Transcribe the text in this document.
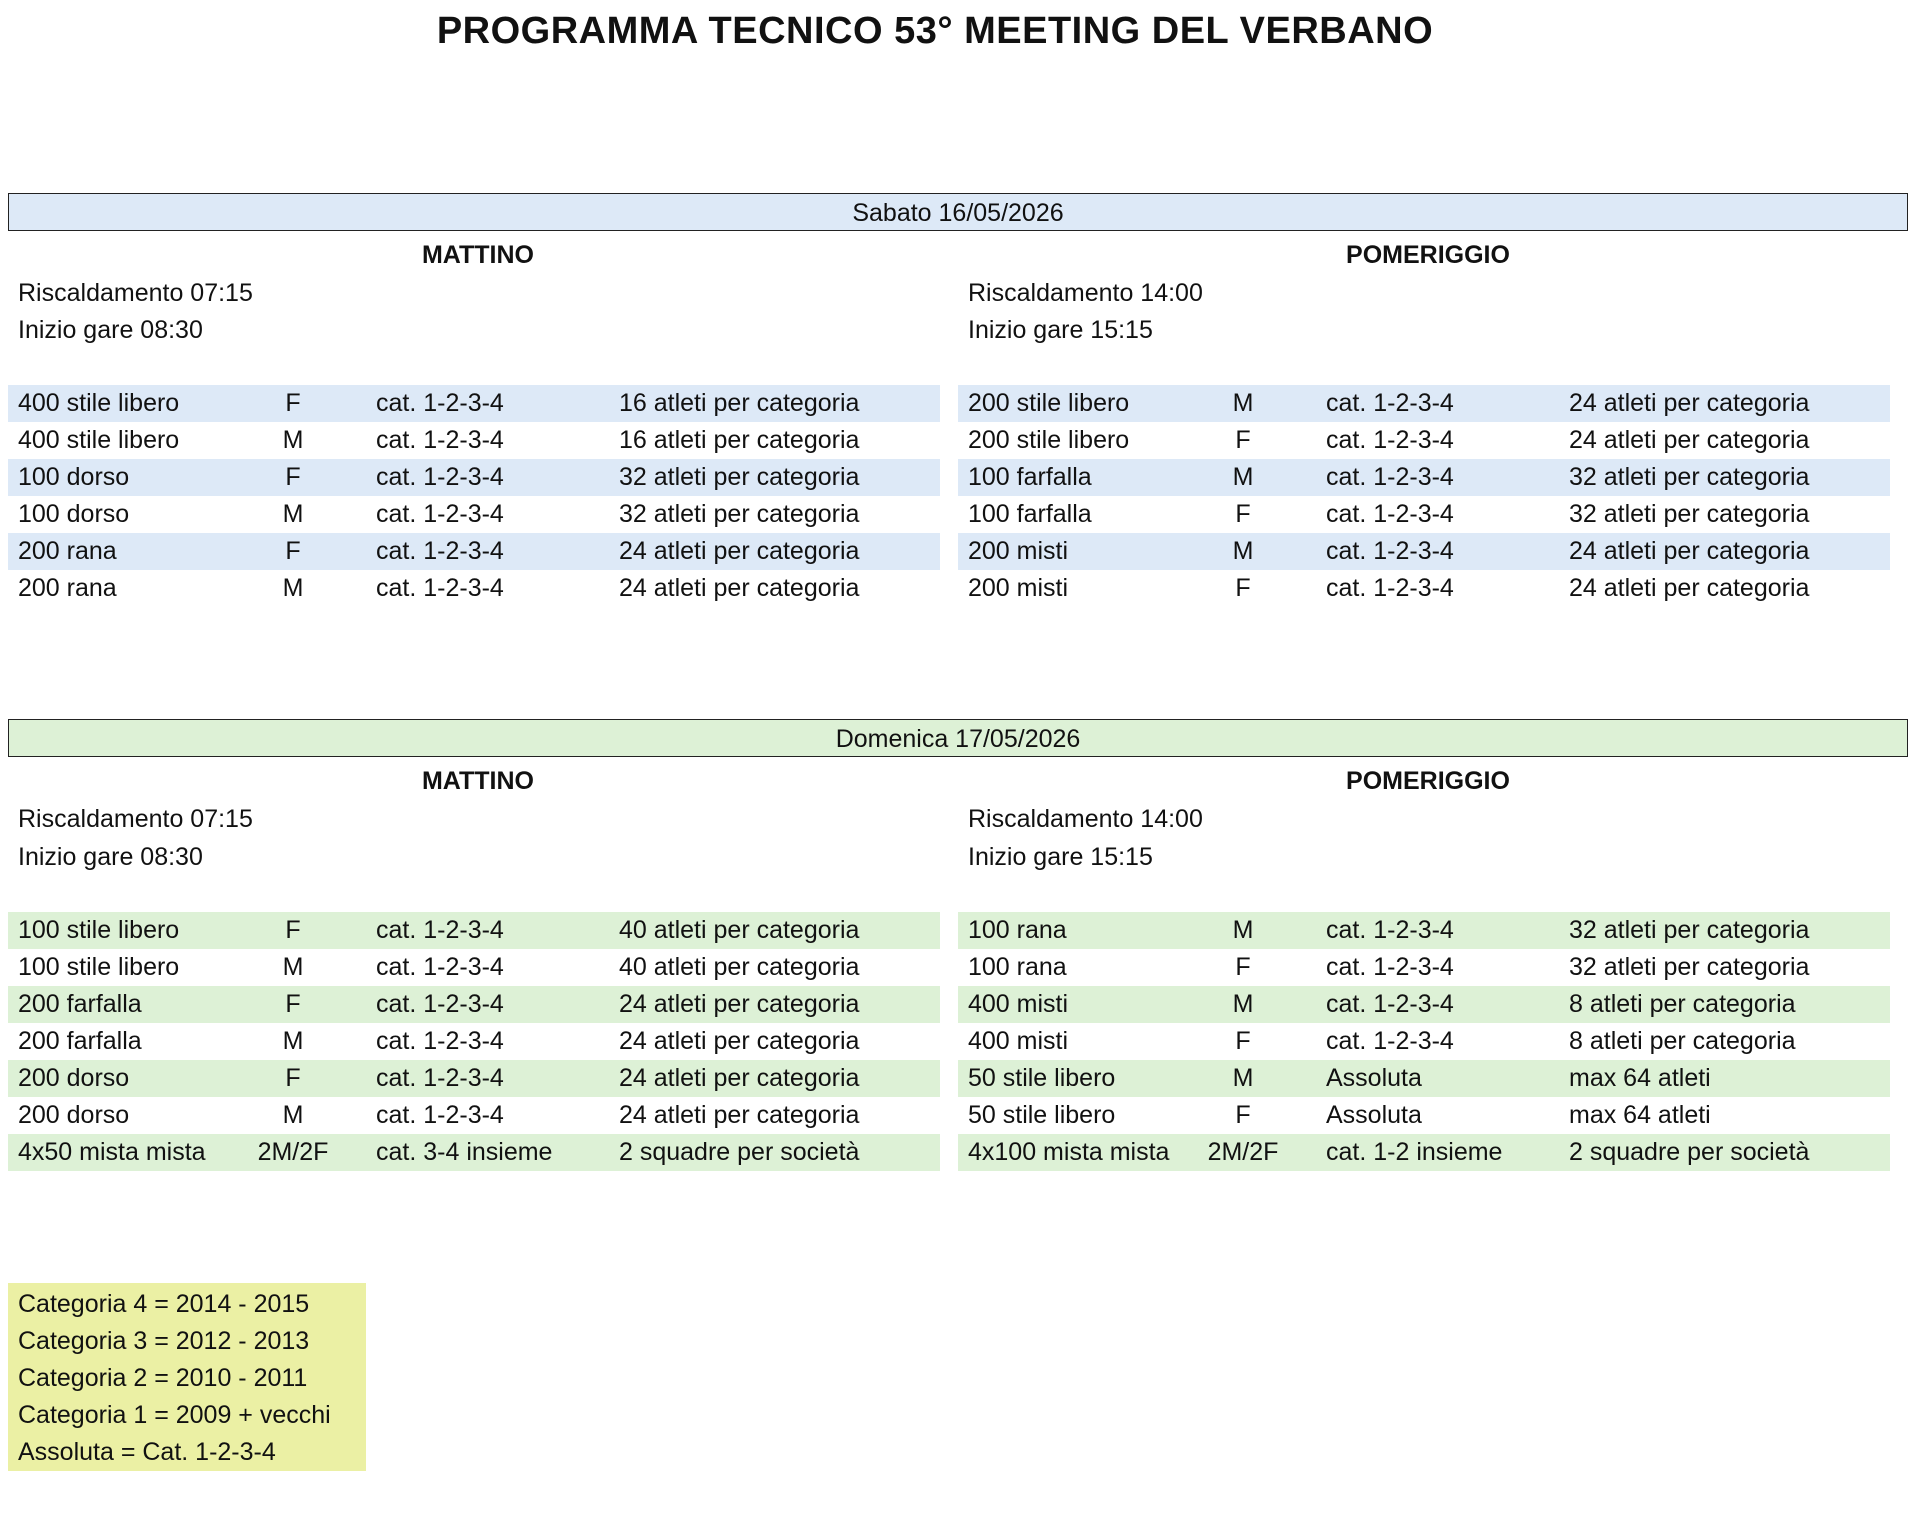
PROGRAMMA TECNICO 53° MEETING DEL VERBANO
Sabato 16/05/2026
MATTINO	POMERIGGIO
Riscaldamento 07:15
Inizio gare 08:30
Riscaldamento 14:00
Inizio gare 15:15
400 stile libero	F	cat. 1-2-3-4	16 atleti per categoria
400 stile libero	M	cat. 1-2-3-4	16 atleti per categoria
100 dorso	F	cat. 1-2-3-4	32 atleti per categoria
100 dorso	M	cat. 1-2-3-4	32 atleti per categoria
200 rana	F	cat. 1-2-3-4	24 atleti per categoria
200 rana	M	cat. 1-2-3-4	24 atleti per categoria
200 stile libero	M	cat. 1-2-3-4	24 atleti per categoria
200 stile libero	F	cat. 1-2-3-4	24 atleti per categoria
100 farfalla	M	cat. 1-2-3-4	32 atleti per categoria
100 farfalla	F	cat. 1-2-3-4	32 atleti per categoria
200 misti	M	cat. 1-2-3-4	24 atleti per categoria
200 misti	F	cat. 1-2-3-4	24 atleti per categoria
Domenica 17/05/2026
MATTINO	POMERIGGIO
Riscaldamento 07:15
Inizio gare 08:30
Riscaldamento 14:00
Inizio gare 15:15
100 stile libero	F	cat. 1-2-3-4	40 atleti per categoria
100 stile libero	M	cat. 1-2-3-4	40 atleti per categoria
200 farfalla	F	cat. 1-2-3-4	24 atleti per categoria
200 farfalla	M	cat. 1-2-3-4	24 atleti per categoria
200 dorso	F	cat. 1-2-3-4	24 atleti per categoria
200 dorso	M	cat. 1-2-3-4	24 atleti per categoria
4x50 mista mista	2M/2F	cat. 3-4 insieme	2 squadre per società
100 rana	M	cat. 1-2-3-4	32 atleti per categoria
100 rana	F	cat. 1-2-3-4	32 atleti per categoria
400 misti	M	cat. 1-2-3-4	8 atleti per categoria
400 misti	F	cat. 1-2-3-4	8 atleti per categoria
50 stile libero	M	Assoluta	max 64 atleti
50 stile libero	F	Assoluta	max 64 atleti
4x100 mista mista	2M/2F	cat. 1-2 insieme	2 squadre per società
Categoria 4 = 2014 - 2015
Categoria 3 = 2012 - 2013
Categoria 2 = 2010 - 2011
Categoria 1 = 2009 + vecchi
Assoluta = Cat. 1-2-3-4
